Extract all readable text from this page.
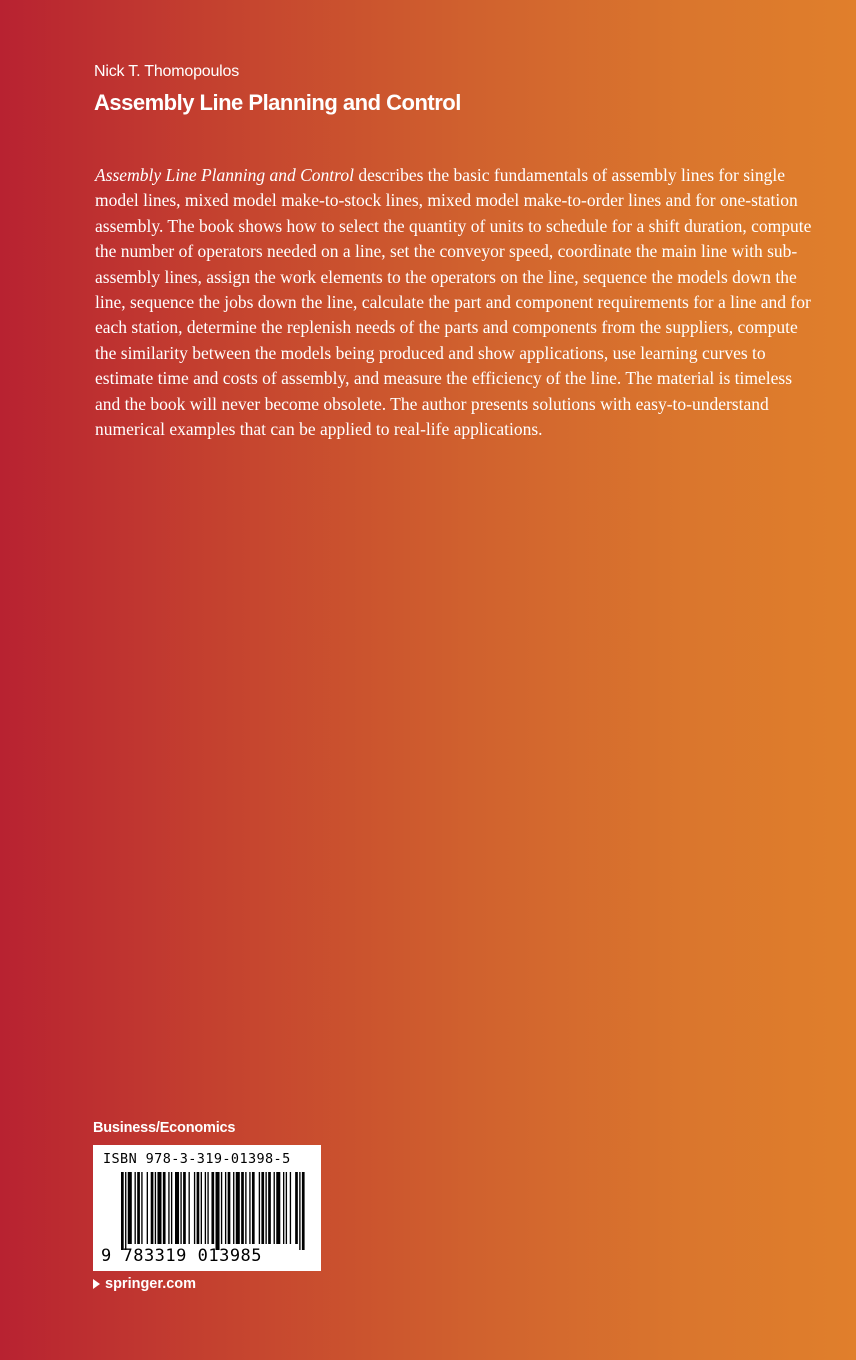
Nick T. Thomopoulos
Assembly Line Planning and Control

Assembly Line Planning and Control describes the basic fundamentals of assembly lines for single model lines, mixed model make-to-stock lines, mixed model make-to-order lines and for one-station assembly. The book shows how to select the quantity of units to schedule for a shift duration, compute the number of operators needed on a line, set the conveyor speed, coordinate the main line with sub-assembly lines, assign the work elements to the operators on the line, sequence the models down the line, sequence the jobs down the line, calculate the part and component requirements for a line and for each station, determine the replenish needs of the parts and components from the suppliers, compute the similarity between the models being produced and show applications, use learning curves to estimate time and costs of assembly, and measure the efficiency of the line. The material is timeless and the book will never become obsolete. The author presents solutions with easy-to-understand numerical examples that can be applied to real-life applications.

Business/Economics
ISBN 978-3-319-01398-5
9 783319 013985
springer.com
